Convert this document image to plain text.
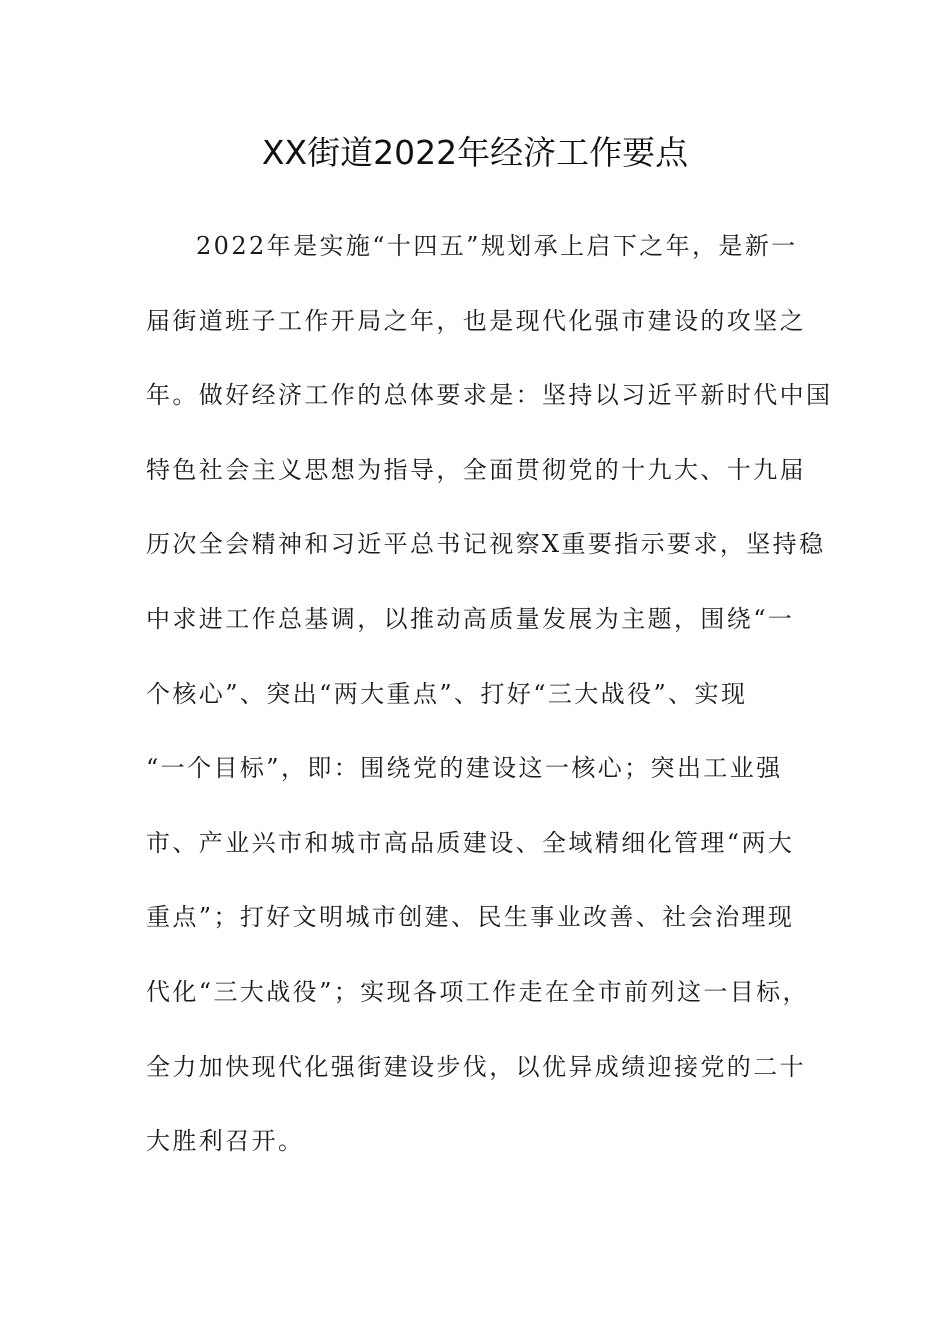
XX街道2022年经济工作要点
2022年是实施“十四五”规划承上启下之年，是新一
届街道班子工作开局之年，也是现代化强市建设的攻坚之
年。做好经济工作的总体要求是：坚持以习近平新时代中国
特色社会主义思想为指导，全面贯彻党的十九大、十九届
历次全会精神和习近平总书记视察X重要指示要求，坚持稳
中求进工作总基调，以推动高质量发展为主题，围绕“一
个核心”、突出“两大重点”、打好“三大战役”、实现
“一个目标”，即：围绕党的建设这一核心；突出工业强
市、产业兴市和城市高品质建设、全域精细化管理“两大
重点”；打好文明城市创建、民生事业改善、社会治理现
代化“三大战役”；实现各项工作走在全市前列这一目标，
全力加快现代化强街建设步伐，以优异成绩迎接党的二十
大胜利召开。
